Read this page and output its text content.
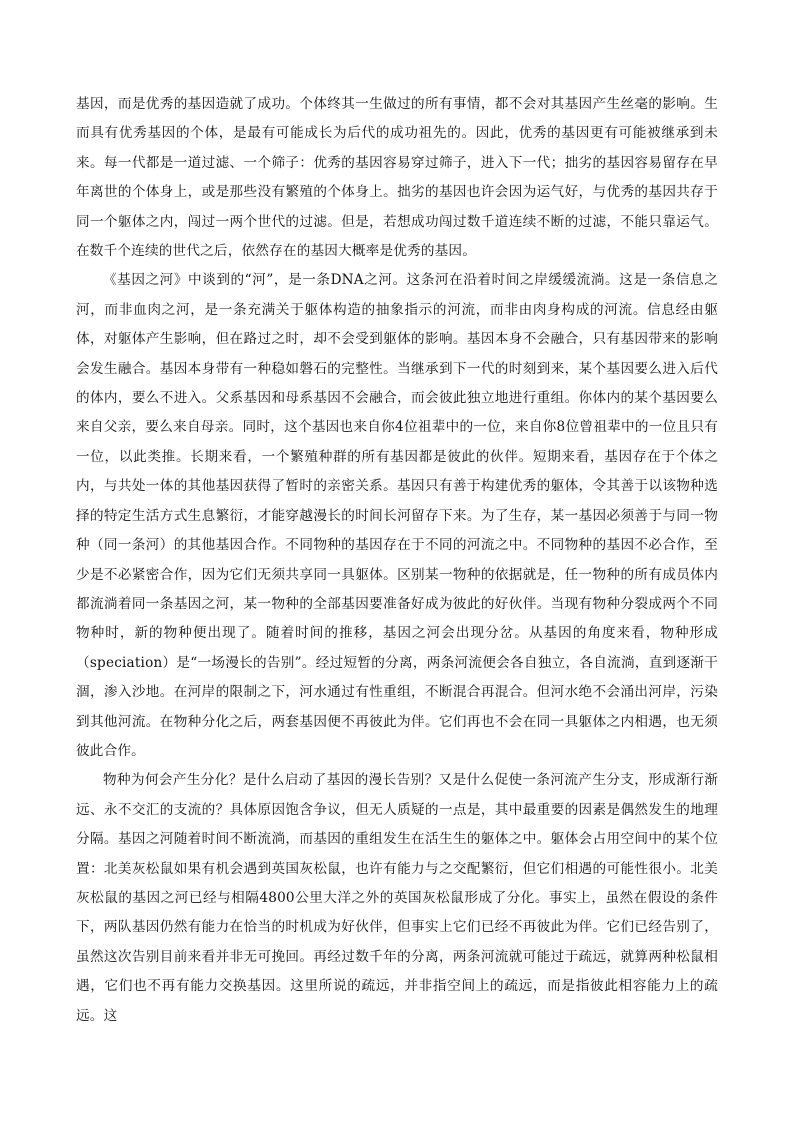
基因，而是优秀的基因造就了成功。个体终其一生做过的所有事情，都不会对其基因产生丝毫的影响。生而具有优秀基因的个体，是最有可能成长为后代的成功祖先的。因此，优秀的基因更有可能被继承到未来。每一代都是一道过滤、一个筛子：优秀的基因容易穿过筛子，进入下一代；拙劣的基因容易留存在早年离世的个体身上，或是那些没有繁殖的个体身上。拙劣的基因也许会因为运气好，与优秀的基因共存于同一个躯体之内，闯过一两个世代的过滤。但是，若想成功闯过数千道连续不断的过滤，不能只靠运气。在数千个连续的世代之后，依然存在的基因大概率是优秀的基因。

《基因之河》中谈到的“河”，是一条DNA之河。这条河在沿着时间之岸缓缓流淌。这是一条信息之河，而非血肉之河，是一条充满关于躯体构造的抽象指示的河流，而非由肉身构成的河流。信息经由躯体，对躯体产生影响，但在路过之时，却不会受到躯体的影响。基因本身不会融合，只有基因带来的影响会发生融合。基因本身带有一种稳如磐石的完整性。当继承到下一代的时刻到来，某个基因要么进入后代的体内，要么不进入。父系基因和母系基因不会融合，而会彼此独立地进行重组。你体内的某个基因要么来自父亲，要么来自母亲。同时，这个基因也来自你4位祖辈中的一位，来自你8位曾祖辈中的一位且只有一位，以此类推。长期来看，一个繁殖种群的所有基因都是彼此的伙伴。短期来看，基因存在于个体之内，与共处一体的其他基因获得了暂时的亲密关系。基因只有善于构建优秀的躯体，令其善于以该物种选择的特定生活方式生息繁衍，才能穿越漫长的时间长河留存下来。为了生存，某一基因必须善于与同一物种（同一条河）的其他基因合作。不同物种的基因存在于不同的河流之中。不同物种的基因不必合作，至少是不必紧密合作，因为它们无须共享同一具躯体。区别某一物种的依据就是，任一物种的所有成员体内都流淌着同一条基因之河，某一物种的全部基因要准备好成为彼此的好伙伴。当现有物种分裂成两个不同物种时，新的物种便出现了。随着时间的推移，基因之河会出现分岔。从基因的角度来看，物种形成（speciation）是“一场漫长的告别”。经过短暂的分离，两条河流便会各自独立，各自流淌，直到逐渐干涸，渗入沙地。在河岸的限制之下，河水通过有性重组，不断混合再混合。但河水绝不会涌出河岸，污染到其他河流。在物种分化之后，两套基因便不再彼此为伴。它们再也不会在同一具躯体之内相遇，也无须彼此合作。

物种为何会产生分化？是什么启动了基因的漫长告别？又是什么促使一条河流产生分支，形成渐行渐远、永不交汇的支流的？具体原因饱含争议，但无人质疑的一点是，其中最重要的因素是偶然发生的地理分隔。基因之河随着时间不断流淌，而基因的重组发生在活生生的躯体之中。躯体会占用空间中的某个位置：北美灰松鼠如果有机会遇到英国灰松鼠，也许有能力与之交配繁衍，但它们相遇的可能性很小。北美灰松鼠的基因之河已经与相隔4800公里大洋之外的英国灰松鼠形成了分化。事实上，虽然在假设的条件下，两队基因仍然有能力在恰当的时机成为好伙伴，但事实上它们已经不再彼此为伴。它们已经告别了，虽然这次告别目前来看并非无可挽回。再经过数千年的分离，两条河流就可能过于疏远，就算两种松鼠相遇，它们也不再有能力交换基因。这里所说的疏远，并非指空间上的疏远，而是指彼此相容能力上的疏远。这
